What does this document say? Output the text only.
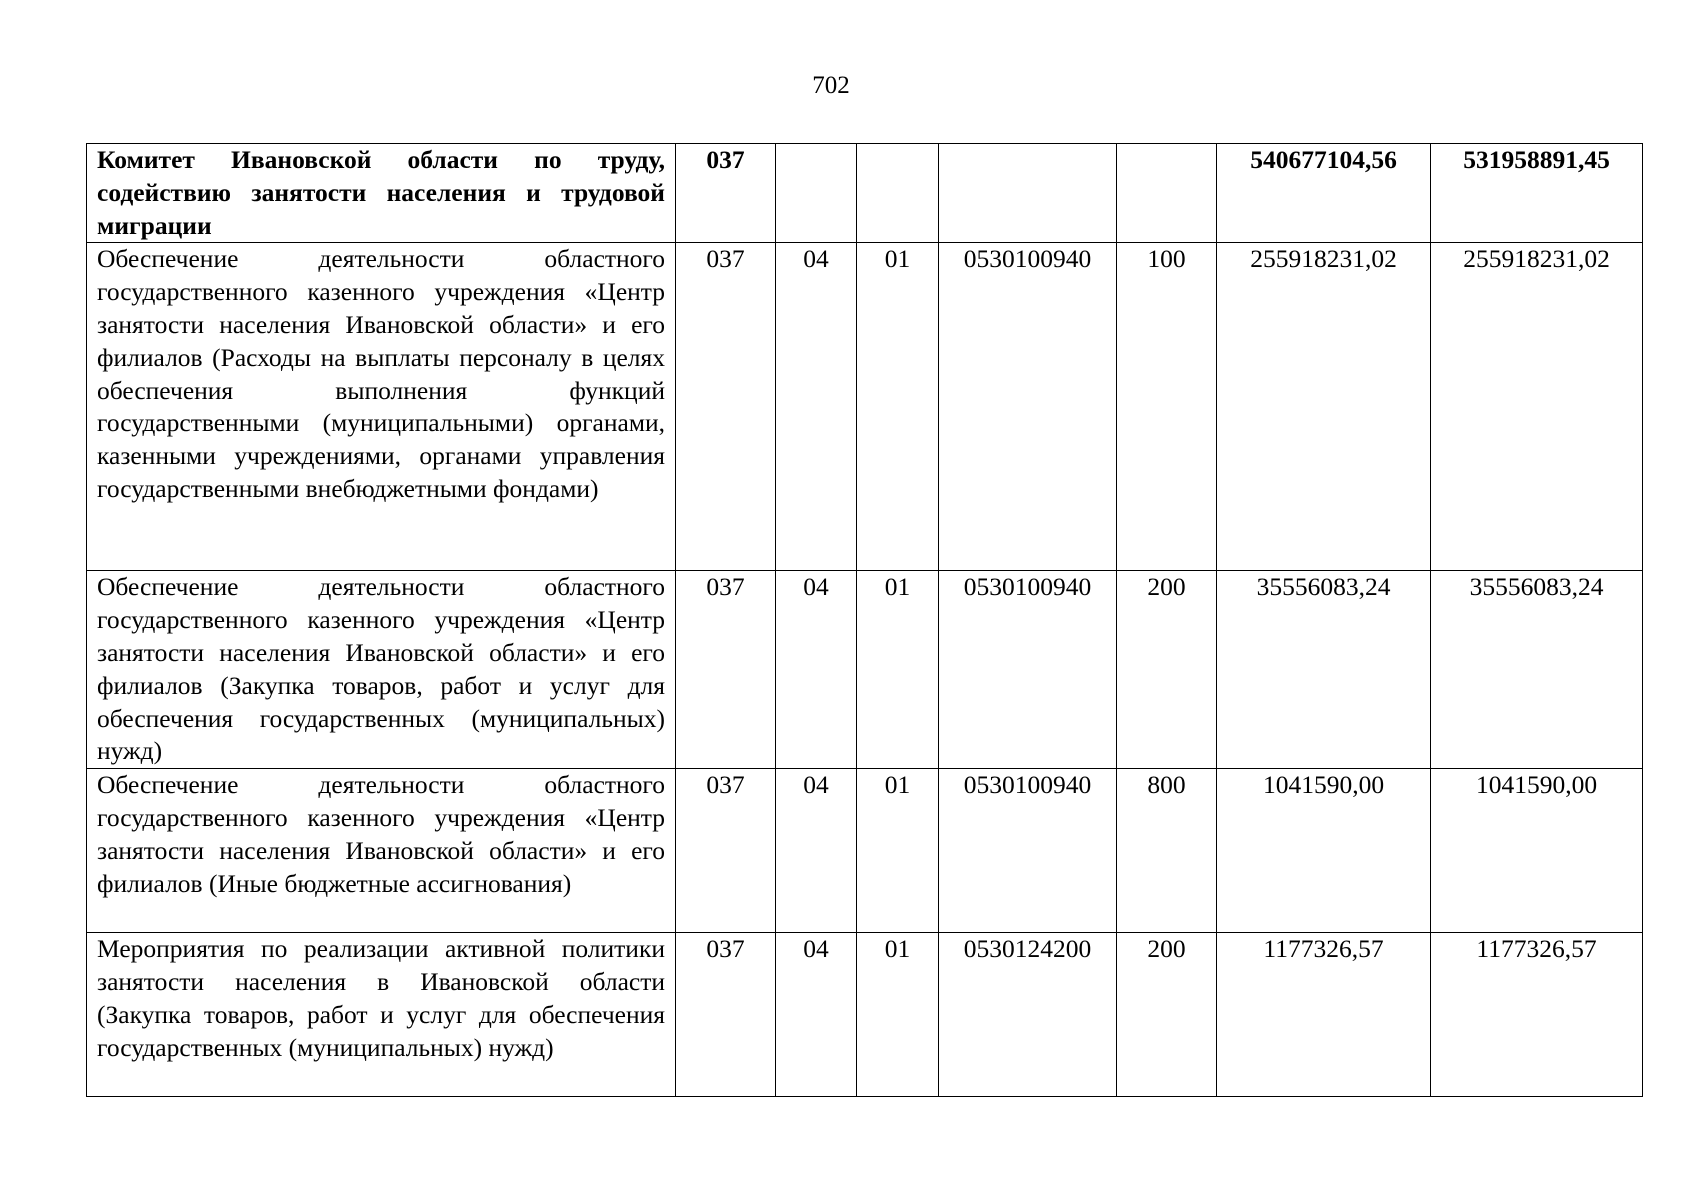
702
Комитет Ивановской области по труду, содействию занятости населения и трудовой миграции	037					540677104,56	531958891,45
Обеспечение деятельности областного государственного казенного учреждения «Центр занятости населения Ивановской области» и его филиалов (Расходы на выплаты персоналу в целях обеспечения выполнения функций государственными (муниципальными) органами, казенными учреждениями, органами управления государственными внебюджетными фондами)	037	04	01	0530100940	100	255918231,02	255918231,02
Обеспечение деятельности областного государственного казенного учреждения «Центр занятости населения Ивановской области» и его филиалов (Закупка товаров, работ и услуг для обеспечения государственных (муниципальных) нужд)	037	04	01	0530100940	200	35556083,24	35556083,24
Обеспечение деятельности областного государственного казенного учреждения «Центр занятости населения Ивановской области» и его филиалов (Иные бюджетные ассигнования)	037	04	01	0530100940	800	1041590,00	1041590,00
Мероприятия по реализации активной политики занятости населения в Ивановской области (Закупка товаров, работ и услуг для обеспечения государственных (муниципальных) нужд)	037	04	01	0530124200	200	1177326,57	1177326,57
